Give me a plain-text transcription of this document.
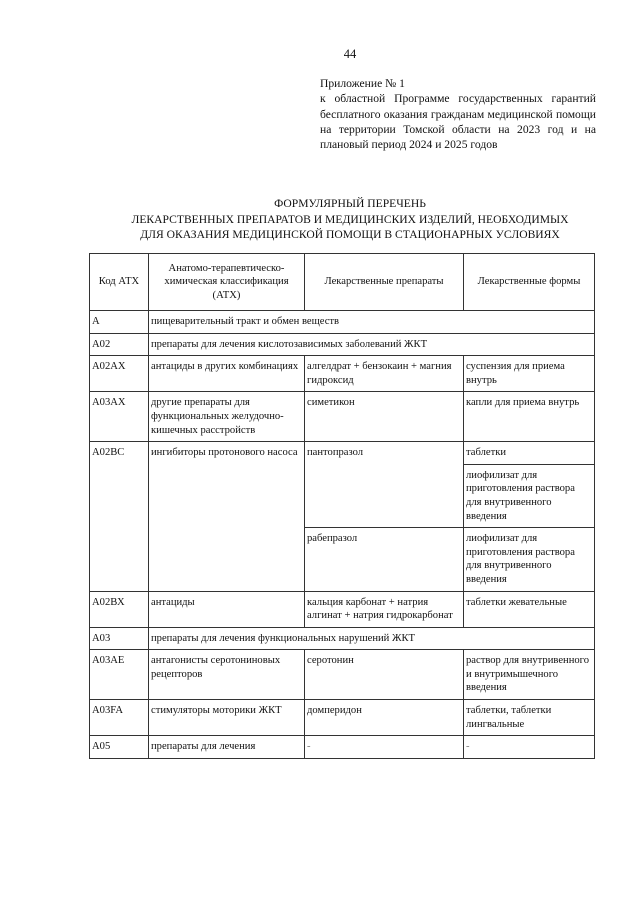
44
Приложение № 1
к областной Программе государственных гарантий бесплатного оказания гражданам медицинской помощи на территории Томской области на 2023 год и на плановый период 2024 и 2025 годов
ФОРМУЛЯРНЫЙ ПЕРЕЧЕНЬ
ЛЕКАРСТВЕННЫХ ПРЕПАРАТОВ И МЕДИЦИНСКИХ ИЗДЕЛИЙ, НЕОБХОДИМЫХ
ДЛЯ ОКАЗАНИЯ МЕДИЦИНСКОЙ ПОМОЩИ В СТАЦИОНАРНЫХ УСЛОВИЯХ
Код АТХ	Анатомо-терапевтическо-химическая классификация (АТХ)	Лекарственные препараты	Лекарственные формы
А	пищеварительный тракт и обмен веществ		
А02	препараты для лечения кислотозависимых заболеваний ЖКТ		
А02АХ	антациды в других комбинациях	алгелдрат + бензокаин + магния гидроксид	суспензия для приема внутрь
А03АХ	другие препараты для функциональных желудочно-кишечных расстройств	симетикон	капли для приема внутрь
А02ВС	ингибиторы протонового насоса	пантопразол	таблетки
			лиофилизат для приготовления раствора для внутривенного введения
		рабепразол	лиофилизат для приготовления раствора для внутривенного введения
А02ВХ	антациды	кальция карбонат + натрия алгинат + натрия гидрокарбонат	таблетки жевательные
А03	препараты для лечения функциональных нарушений ЖКТ		
А03АЕ	антагонисты серотониновых рецепторов	серотонин	раствор для внутривенного и внутримышечного введения
А03FA	стимуляторы моторики ЖКТ	домперидон	таблетки, таблетки лингвальные
А05	препараты для лечения	-	-
